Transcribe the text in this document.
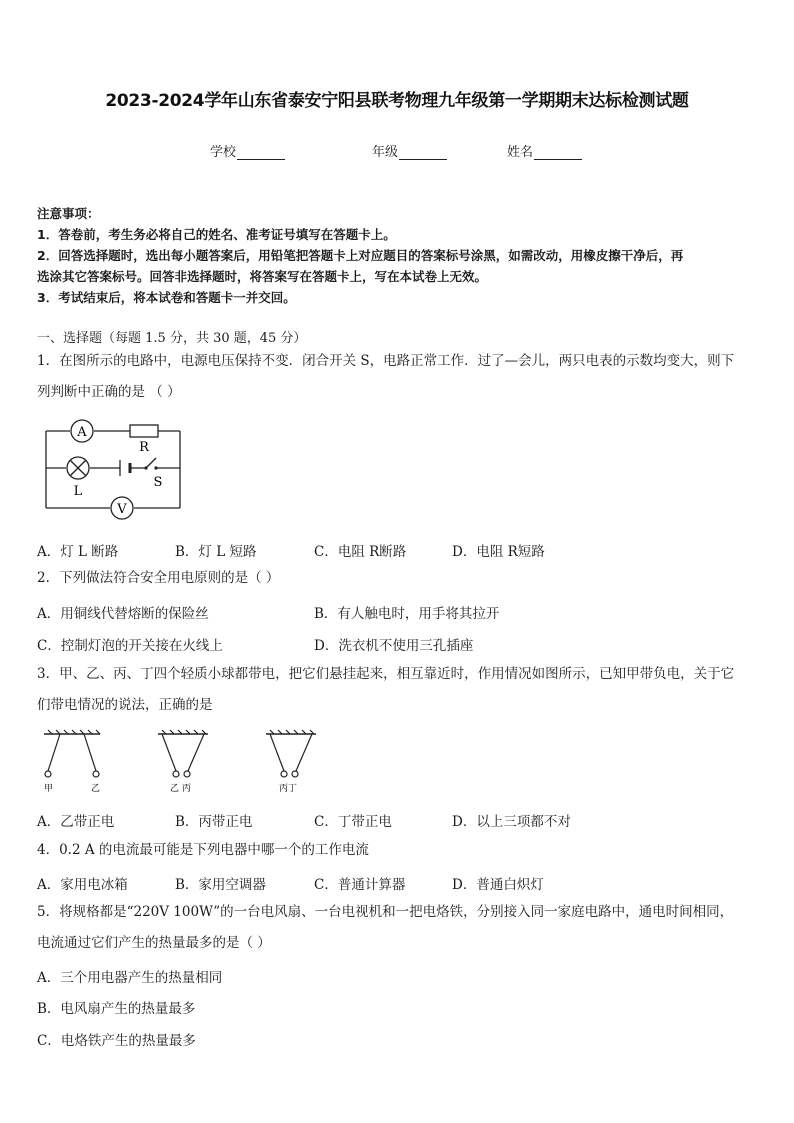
2023-2024学年山东省泰安宁阳县联考物理九年级第一学期期末达标检测试题
学校	年级	姓名
注意事项：
1．答卷前，考生务必将自己的姓名、准考证号填写在答题卡上。
2．回答选择题时，选出每小题答案后，用铅笔把答题卡上对应题目的答案标号涂黑，如需改动，用橡皮擦干净后，再
选涂其它答案标号。回答非选择题时，将答案写在答题卡上，写在本试卷上无效。
3．考试结束后，将本试卷和答题卡一并交回。
一、选择题（每题 1.5 分，共 30 题，45 分）
1．在图所示的电路中，电源电压保持不变．闭合开关 S，电路正常工作．过了—会儿，两只电表的示数均变大，则下
列判断中正确的是 （ ）
A
R
L
S
V
A．灯 L 断路	B．灯 L 短路	C．电阻 R断路	D．电阻 R短路
2．下列做法符合安全用电原则的是（ ）
A．用铜线代替熔断的保险丝	B．有人触电时，用手将其拉开
C．控制灯泡的开关接在火线上	D．洗衣机不使用三孔插座
3．甲、乙、丙、丁四个轻质小球都带电，把它们悬挂起来，相互靠近时，作用情况如图所示，已知甲带负电，关于它
们带电情况的说法，正确的是
甲	乙	乙 丙	丙丁
A．乙带正电	B．丙带正电	C．丁带正电	D．以上三项都不对
4．0.2 A 的电流最可能是下列电器中哪一个的工作电流
A．家用电冰箱	B．家用空调器	C．普通计算器	D．普通白炽灯
5．将规格都是“220V 100W”的一台电风扇、一台电视机和一把电烙铁，分别接入同一家庭电路中，通电时间相同，
电流通过它们产生的热量最多的是（ ）
A．三个用电器产生的热量相同
B．电风扇产生的热量最多
C．电烙铁产生的热量最多
